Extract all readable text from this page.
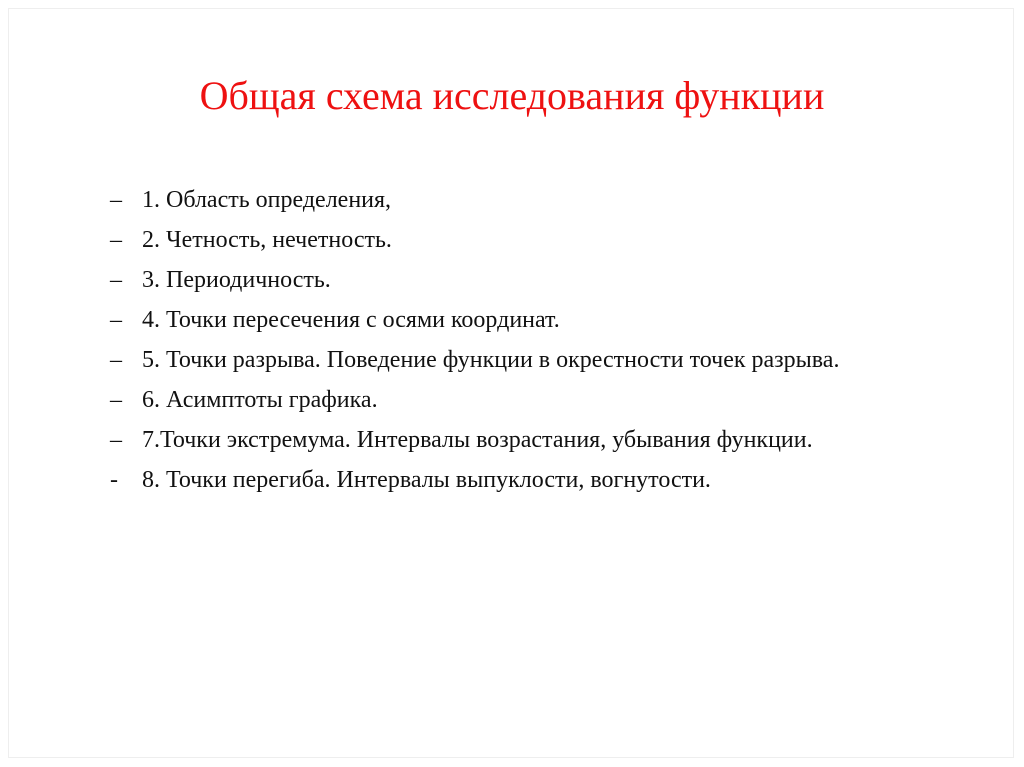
Общая схема исследования функции
– 1. Область определения,
– 2. Четность, нечетность.
– 3. Периодичность.
– 4. Точки пересечения с осями координат.
– 5. Точки разрыва. Поведение функции в окрестности точек разрыва.
– 6. Асимптоты графика.
– 7.Точки экстремума. Интервалы возрастания, убывания функции.
-	8. Точки перегиба. Интервалы выпуклости, вогнутости.
